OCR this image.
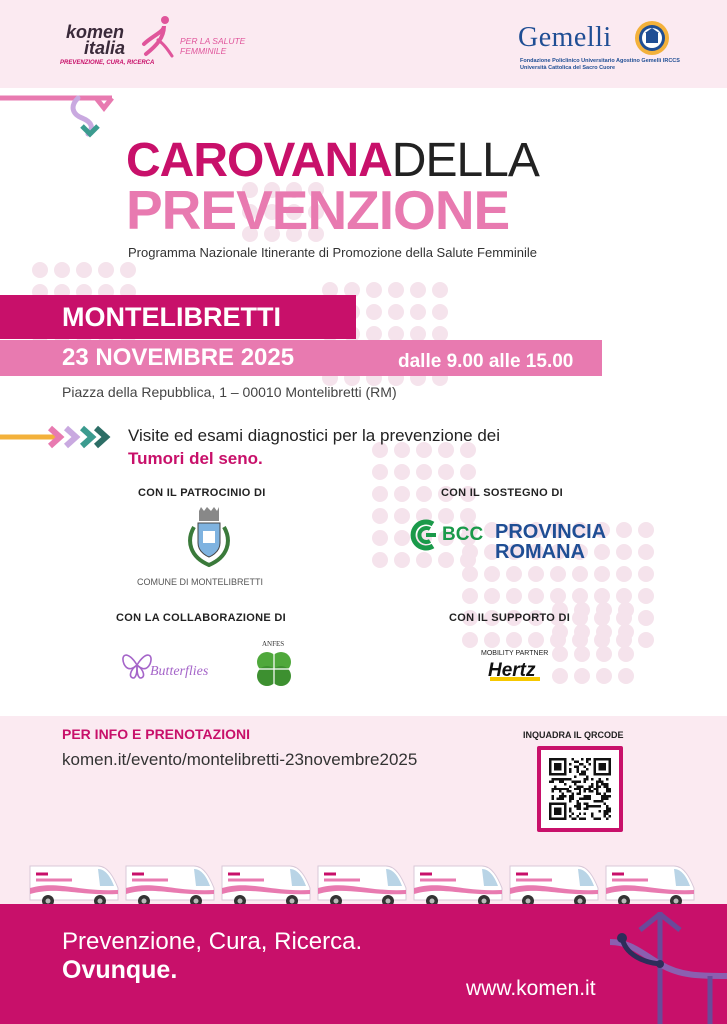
komen
italia	PER LA SALUTE FEMMINILE
PREVENZIONE, CURA, RICERCA
Gemelli
Fondazione Policlinico Universitario Agostino Gemelli IRCCS
Università Cattolica del Sacro Cuore
CAROVANADELLA
PREVENZIONE
Programma Nazionale Itinerante di Promozione della Salute Femminile
MONTELIBRETTI
23 NOVEMBRE 2025	dalle 9.00 alle 15.00
Piazza della Repubblica, 1 – 00010 Montelibretti (RM)
Visite ed esami diagnostici per la prevenzione dei
Tumori del seno.
CON IL PATROCINIO DI
COMUNE DI MONTELIBRETTI
CON IL SOSTEGNO DI
BCC PROVINCIA
ROMANA
CON LA COLLABORAZIONE DI
Butterflies
ANFES
CON IL SUPPORTO DI
MOBILITY PARTNER
Hertz
PER INFO E PRENOTAZIONI
komen.it/evento/montelibretti-23novembre2025
INQUADRA IL QRCODE
Prevenzione, Cura, Ricerca.
Ovunque.
www.komen.it
